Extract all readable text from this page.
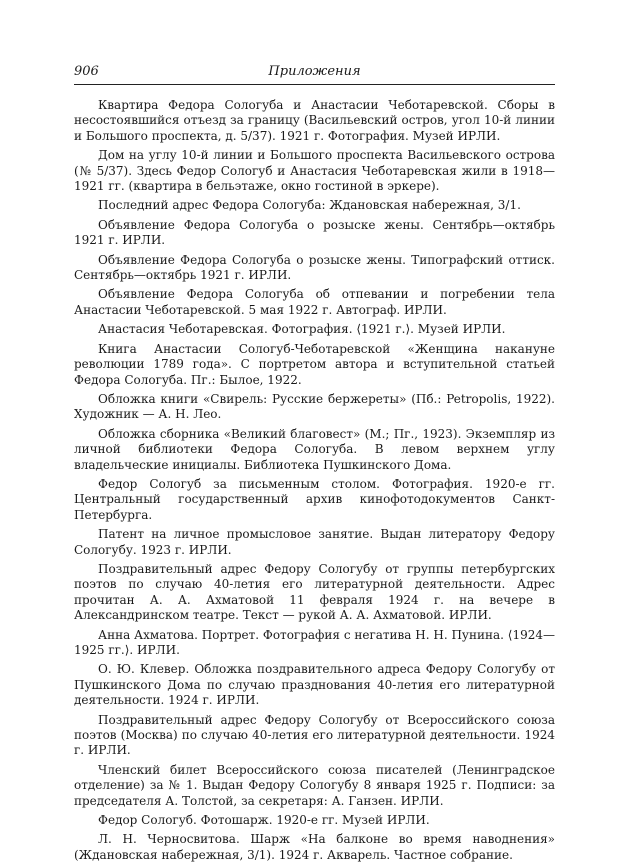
906	Приложения

Квартира Федора Сологуба и Анастасии Чеботаревской. Сборы в несостоявшийся отъезд за границу (Васильевский остров, угол 10-й линии и Большого проспекта, д. 5/37). 1921 г. Фотография. Музей ИРЛИ.

Дом на углу 10-й линии и Большого проспекта Васильевского острова (№ 5/37). Здесь Федор Сологуб и Анастасия Чеботаревская жили в 1918—1921 гг. (квартира в бельэтаже, окно гостиной в эркере).

Последний адрес Федора Сологуба: Ждановская набережная, 3/1.

Объявление Федора Сологуба о розыске жены. Сентябрь—октябрь 1921 г. ИРЛИ.

Объявление Федора Сологуба о розыске жены. Типографский оттиск. Сентябрь—октябрь 1921 г. ИРЛИ.

Объявление Федора Сологуба об отпевании и погребении тела Анастасии Чеботаревской. 5 мая 1922 г. Автограф. ИРЛИ.

Анастасия Чеботаревская. Фотография. ⟨1921 г.⟩. Музей ИРЛИ.

Книга Анастасии Сологуб-Чеботаревской «Женщина накануне революции 1789 года». С портретом автора и вступительной статьей Федора Сологуба. Пг.: Былое, 1922.

Обложка книги «Свирель: Русские бержереты» (Пб.: Petropolis, 1922). Художник — А. Н. Лео.

Обложка сборника «Великий благовест» (М.; Пг., 1923). Экземпляр из личной библиотеки Федора Сологуба. В левом верхнем углу владельческие инициалы. Библиотека Пушкинского Дома.

Федор Сологуб за письменным столом. Фотография. 1920-е гг. Центральный государственный архив кинофотодокументов Санкт-Петербурга.

Патент на личное промысловое занятие. Выдан литератору Федору Сологубу. 1923 г. ИРЛИ.

Поздравительный адрес Федору Сологубу от группы петербургских поэтов по случаю 40-летия его литературной деятельности. Адрес прочитан А. А. Ахматовой 11 февраля 1924 г. на вечере в Александринском театре. Текст — рукой А. А. Ахматовой. ИРЛИ.

Анна Ахматова. Портрет. Фотография с негатива Н. Н. Пунина. ⟨1924—1925 гг.⟩. ИРЛИ.

О. Ю. Клевер. Обложка поздравительного адреса Федору Сологубу от Пушкинского Дома по случаю празднования 40-летия его литературной деятельности. 1924 г. ИРЛИ.

Поздравительный адрес Федору Сологубу от Всероссийского союза поэтов (Москва) по случаю 40-летия его литературной деятельности. 1924 г. ИРЛИ.

Членский билет Всероссийского союза писателей (Ленинградское отделение) за № 1. Выдан Федору Сологубу 8 января 1925 г. Подписи: за председателя А. Толстой, за секретаря: А. Ганзен. ИРЛИ.

Федор Сологуб. Фотошарж. 1920-е гг. Музей ИРЛИ.

Л. Н. Черносвитова. Шарж «На балконе во время наводнения» (Ждановская набережная, 3/1). 1924 г. Акварель. Частное собрание.
